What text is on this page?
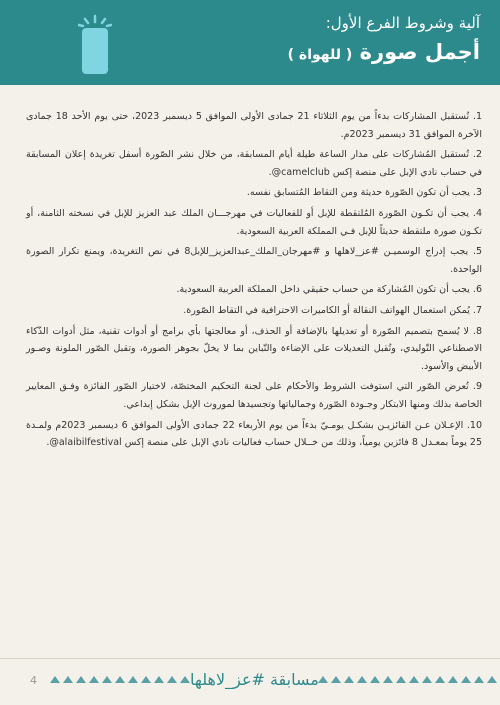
آلية وشروط الفرع الأول:
أجمل صورة ( للهواة )

1. تُستقبل المشاركات بدءاً من يوم الثلاثاء 21 جمادى الأولى الموافق 5 ديسمبر 2023، حتى يوم الأحد 18 جمادى الآخرة الموافق 31 ديسمبر 2023م.

2. تُستقبل المُشاركات على مدار الساعة طيلة أيام المسابقة، من خلال نشر الصّورة أسفل تغريدة إعلان المسابقة في حساب نادي الإبل على منصة إكس camelclub@.

3. يجب أن تكون الصّورة حديثة ومن التقاط المُتسابق نفسه.

4. يجب أن تكـون الصّورة المُلتقطة للإبل أو للفعاليات في مهرجـــان الملك عبد العزيز للإبل في نسخته الثامنة، أو تكـون صورة ملتقطة حديثاً للإبل فـي المملكة العربية السعودية.

5. يجب إدراج الوسميـن #عز_لاهلها و #مهرجان_الملك_عبدالعزيز_للإبل8 في نص التغريدة، ويمنع تكرار الصورة الواحدة.

6. يجب أن تكون المُشاركة من حساب حقيقي داخل المملكة العربية السعودية.

7. يُمكن استعمال الهواتف النقالة أو الكاميرات الاحترافية في التقاط الصّورة.

8. لا يُسمح بتصميم الصّورة أو تعديلها بالإضافة أو الحذف، أو معالجتها بأي برامج أو أدوات تقنية، مثل أدوات الذّكاء الاصطناعي التّوليدي، وتُقبل التعديلات على الإضاءة والتّباين بما لا يخلّ بجوهر الصورة، وتقبل الصّور الملونة وصـور الأبيض والأسود.

9. تُعرض الصّور التي استوفت الشروط والأحكام على لجنة التحكيم المختصّة، لاختيار الصّور الفائزة وفـق المعايير الخاصة بذلك ومنها الابتكار وجـودة الصّورة وجمالياتها وتجسيدها لموروث الإبل بشكل إبداعي.

10. الإعـلان عـن الفائزيـن بشكـل يومـيّ بدءاً من يوم الأربعاء 22 جمادى الأولى الموافق 6 ديسمبر 2023م ولمـدة 25 يوماً بمعـدل 8 فائزين يومياً، وذلك من خــلال حساب فعاليات نادي الإبل على منصة إكس alaibilfestival@.

مسابقة #عز_لاهلها
4
